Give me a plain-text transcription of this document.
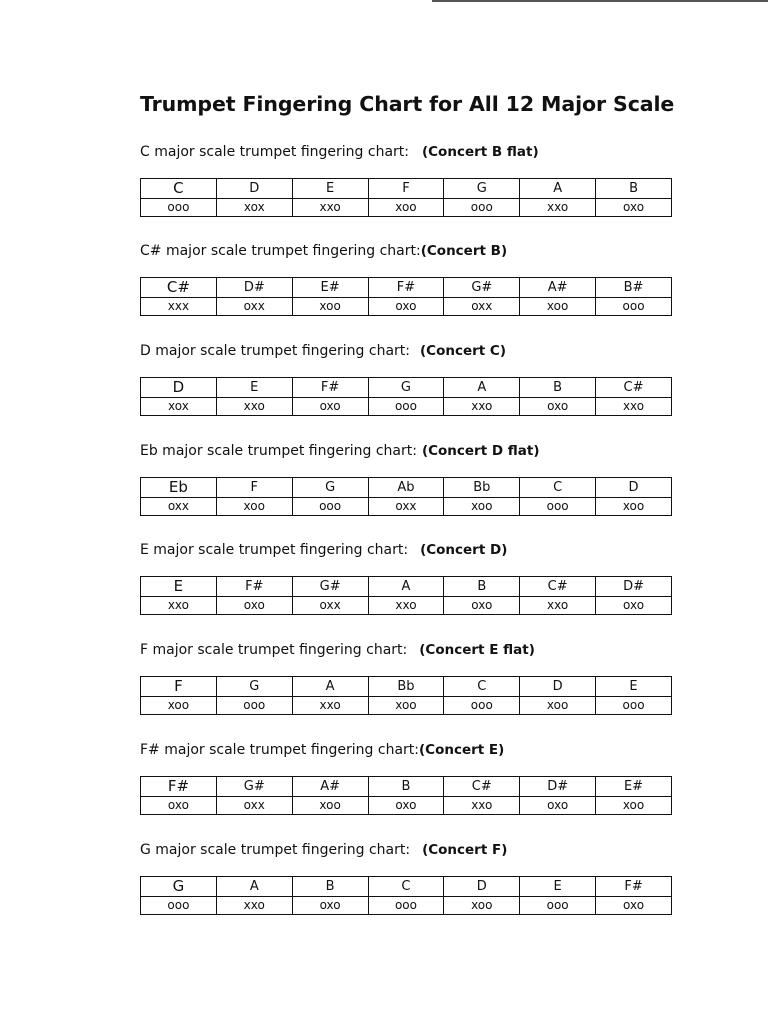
Trumpet Fingering Chart for All 12 Major Scale
C major scale trumpet fingering chart: (Concert B flat)
C	D	E	F	G	A	B
ooo	xox	xxo	xoo	ooo	xxo	oxo
C# major scale trumpet fingering chart:(Concert B)
C#	D#	E#	F#	G#	A#	B#
xxx	oxx	xoo	oxo	oxx	xoo	ooo
D major scale trumpet fingering chart: (Concert C)
D	E	F#	G	A	B	C#
xox	xxo	oxo	ooo	xxo	oxo	xxo
Eb major scale trumpet fingering chart: (Concert D flat)
Eb	F	G	Ab	Bb	C	D
oxx	xoo	ooo	oxx	xoo	ooo	xoo
E major scale trumpet fingering chart: (Concert D)
E	F#	G#	A	B	C#	D#
xxo	oxo	oxx	xxo	oxo	xxo	oxo
F major scale trumpet fingering chart: (Concert E flat)
F	G	A	Bb	C	D	E
xoo	ooo	xxo	xoo	ooo	xoo	ooo
F# major scale trumpet fingering chart:(Concert E)
F#	G#	A#	B	C#	D#	E#
oxo	oxx	xoo	oxo	xxo	oxo	xoo
G major scale trumpet fingering chart: (Concert F)
G	A	B	C	D	E	F#
ooo	xxo	oxo	ooo	xoo	ooo	oxo
